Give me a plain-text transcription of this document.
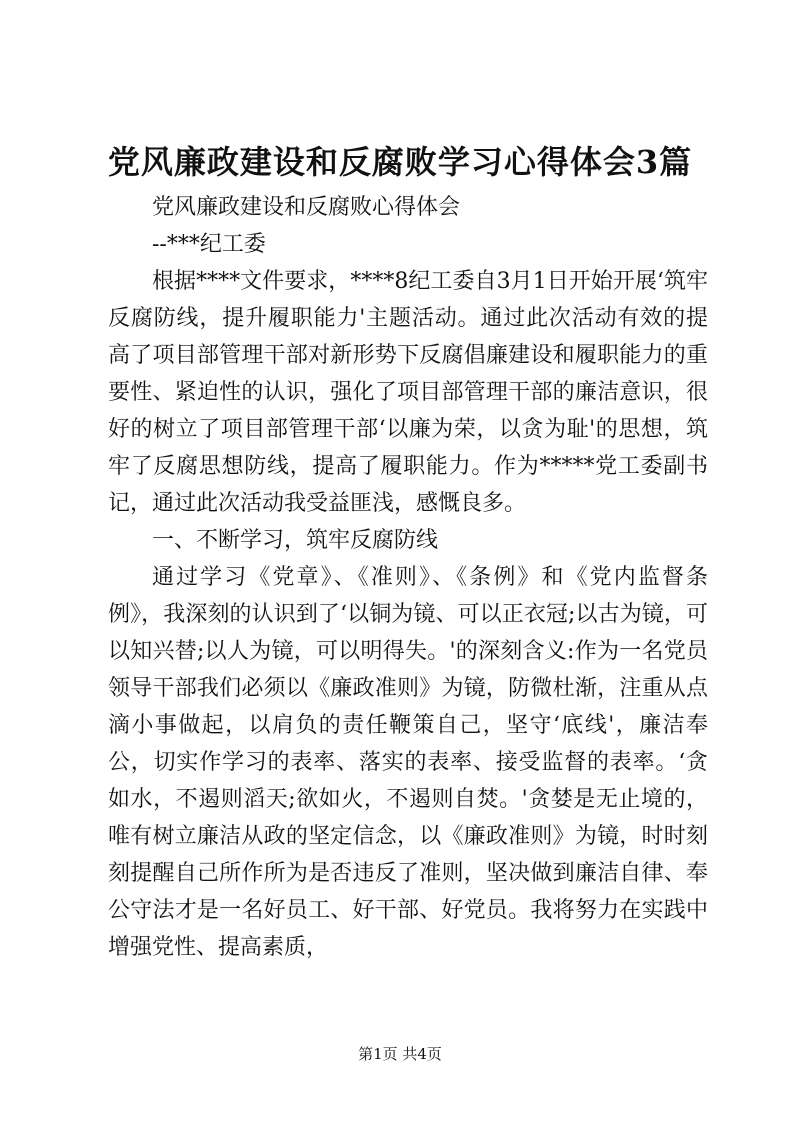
党风廉政建设和反腐败学习心得体会3篇

党风廉政建设和反腐败心得体会

--***纪工委

根据****文件要求，****8纪工委自3月1日开始开展‘筑牢反腐防线，提升履职能力'主题活动。通过此次活动有效的提高了项目部管理干部对新形势下反腐倡廉建设和履职能力的重要性、紧迫性的认识，强化了项目部管理干部的廉洁意识，很好的树立了项目部管理干部‘以廉为荣，以贪为耻'的思想，筑牢了反腐思想防线，提高了履职能力。作为*****党工委副书记，通过此次活动我受益匪浅，感慨良多。

一、不断学习，筑牢反腐防线

通过学习《党章》、《准则》、《条例》和《党内监督条例》，我深刻的认识到了‘以铜为镜、可以正衣冠;以古为镜，可以知兴替;以人为镜，可以明得失。'的深刻含义:作为一名党员领导干部我们必须以《廉政准则》为镜，防微杜渐，注重从点滴小事做起，以肩负的责任鞭策自己，坚守‘底线'，廉洁奉公，切实作学习的表率、落实的表率、接受监督的表率。‘贪如水，不遏则滔天;欲如火，不遏则自焚。'贪婪是无止境的，唯有树立廉洁从政的坚定信念，以《廉政准则》为镜，时时刻刻提醒自己所作所为是否违反了准则，坚决做到廉洁自律、奉公守法才是一名好员工、好干部、好党员。我将努力在实践中增强党性、提高素质，

第1页 共4页
